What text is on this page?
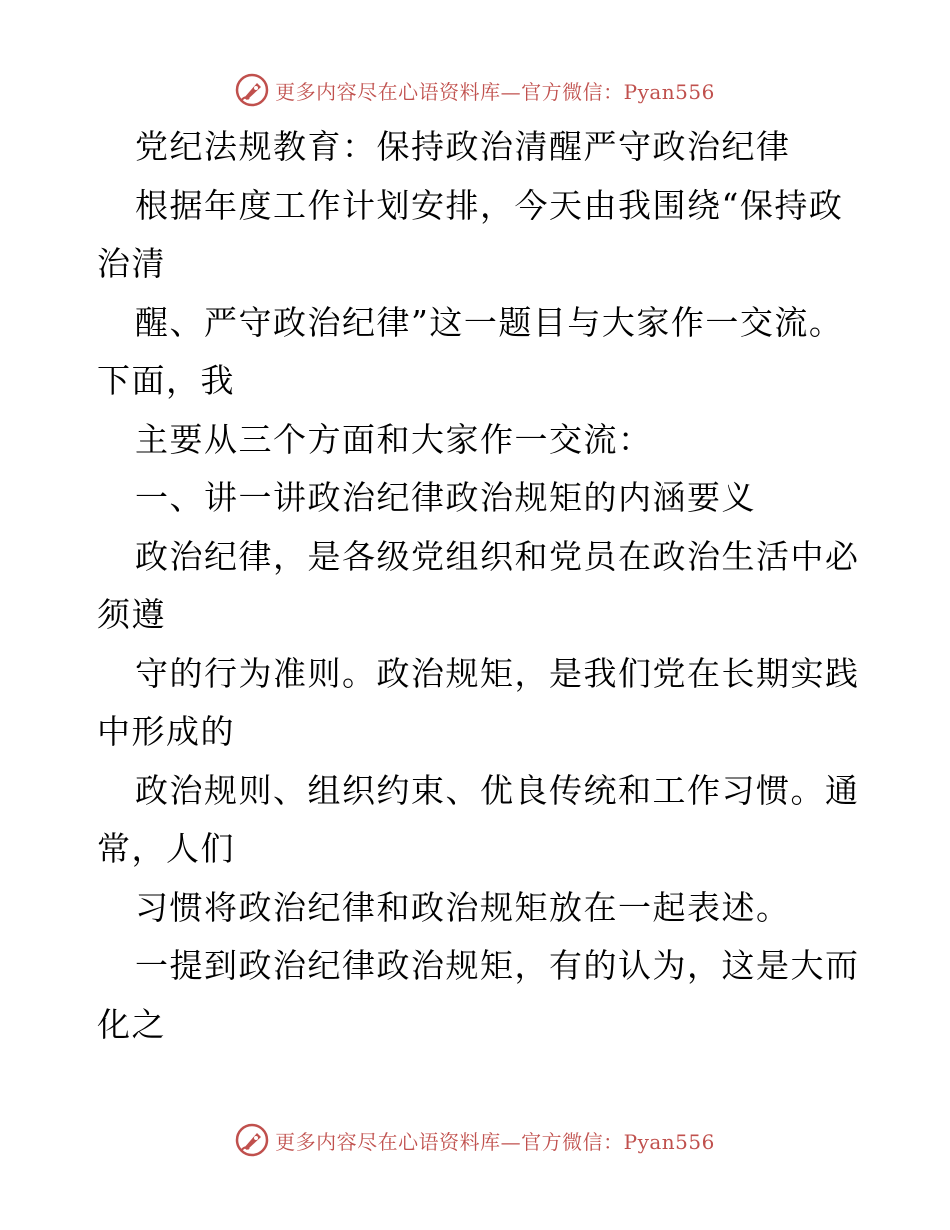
更多内容尽在心语资料库—官方微信：Pyan556
党纪法规教育：保持政治清醒严守政治纪律
根据年度工作计划安排，今天由我围绕“保持政
治清
醒、严守政治纪律”这一题目与大家作一交流。
下面，我
主要从三个方面和大家作一交流：
一、讲一讲政治纪律政治规矩的内涵要义
政治纪律，是各级党组织和党员在政治生活中必
须遵
守的行为准则。政治规矩，是我们党在长期实践
中形成的
政治规则、组织约束、优良传统和工作习惯。通
常，人们
习惯将政治纪律和政治规矩放在一起表述。
一提到政治纪律政治规矩，有的认为，这是大而
化之
更多内容尽在心语资料库—官方微信：Pyan556
